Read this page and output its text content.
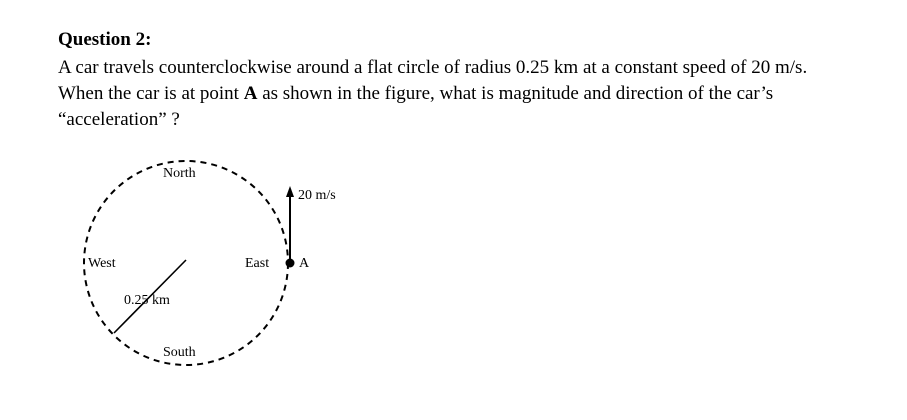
Question 2:

A car travels counterclockwise around a flat circle of radius 0.25 km at a constant speed of 20 m/s.
When the car is at point A as shown in the figure, what is magnitude and direction of the car’s
“acceleration” ?

North
South
West	East A
0.25 km
20 m/s
